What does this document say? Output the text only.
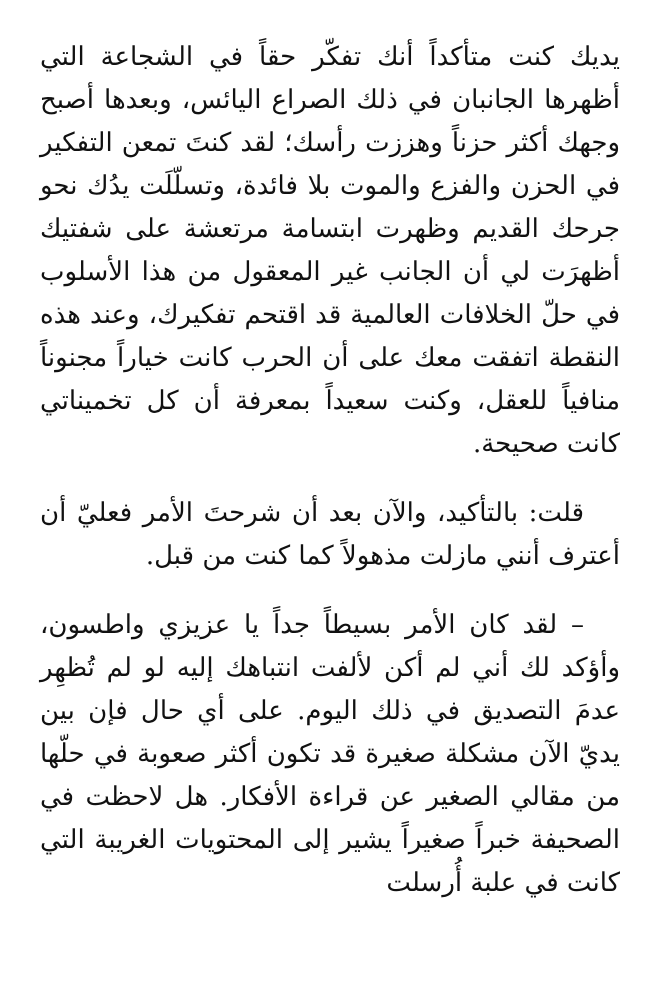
يديك كنت متأكداً أنك تفكّر حقاً في الشجاعة التي أظهرها الجانبان في ذلك الصراع اليائس، وبعدها أصبح وجهك أكثر حزناً وهززت رأسك؛ لقد كنتَ تمعن التفكير في الحزن والفزع والموت بلا فائدة، وتسلّلَت يدُك نحو جرحك القديم وظهرت ابتسامة مرتعشة على شفتيك أظهرَت لي أن الجانب غير المعقول من هذا الأسلوب في حلّ الخلافات العالمية قد اقتحم تفكيرك، وعند هذه النقطة اتفقت معك على أن الحرب كانت خياراً مجنوناً منافياً للعقل، وكنت سعيداً بمعرفة أن كل تخميناتي كانت صحيحة.

قلت: بالتأكيد، والآن بعد أن شرحتَ الأمر فعليّ أن أعترف أنني مازلت مذهولاً كما كنت من قبل.

– لقد كان الأمر بسيطاً جداً يا عزيزي واطسون، وأؤكد لك أني لم أكن لألفت انتباهك إليه لو لم تُظهِر عدمَ التصديق في ذلك اليوم. على أي حال فإن بين يديّ الآن مشكلة صغيرة قد تكون أكثر صعوبة في حلّها من مقالي الصغير عن قراءة الأفكار. هل لاحظت في الصحيفة خبراً صغيراً يشير إلى المحتويات الغريبة التي كانت في علبة أُرسلت
